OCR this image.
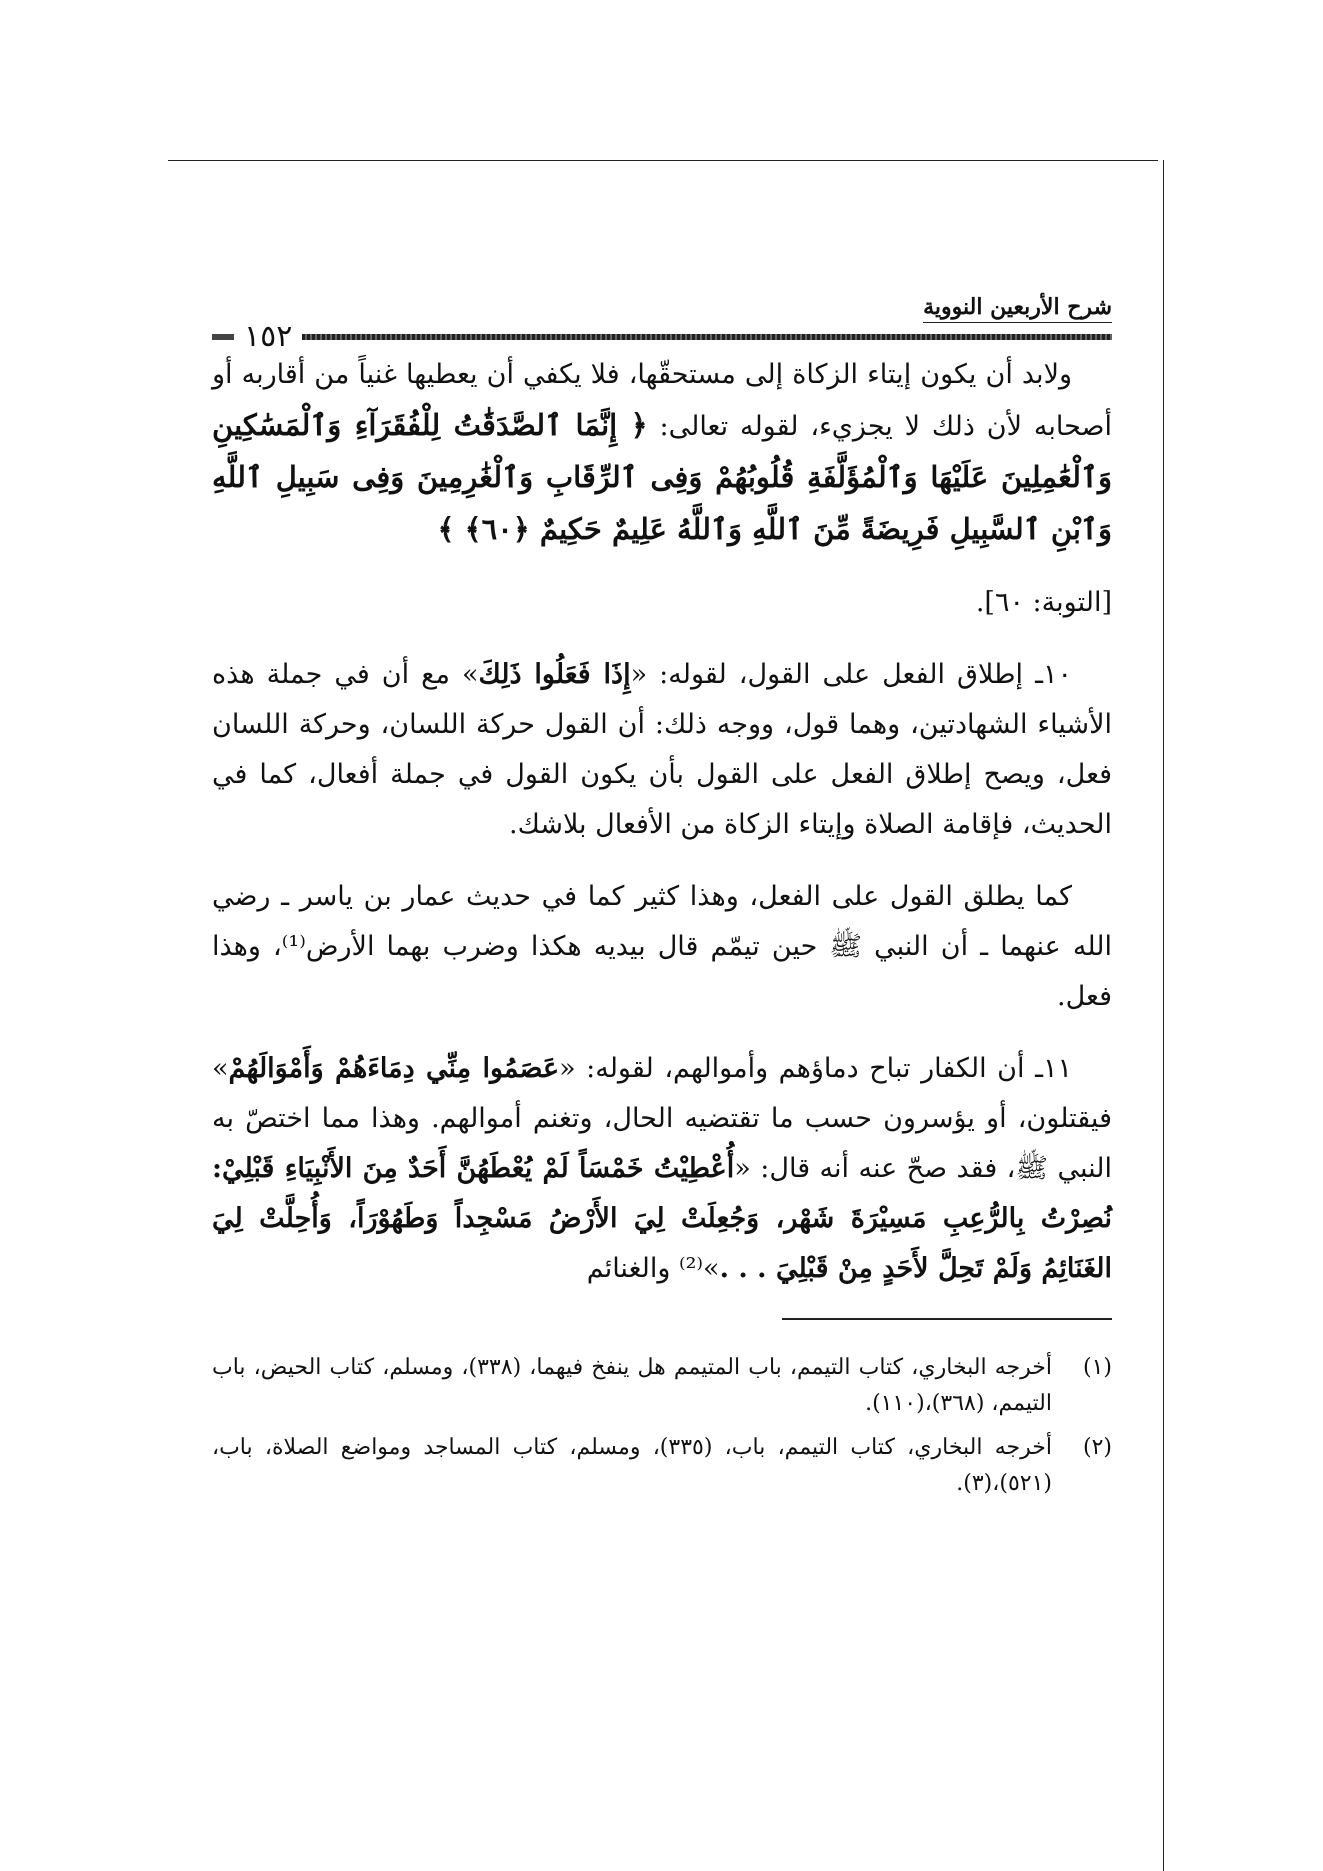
شرح الأربعين النووية
١٥٢

ولابد أن يكون إيتاء الزكاة إلى مستحقّها، فلا يكفي أن يعطيها غنياً من أقاربه أو أصحابه لأن ذلك لا يجزيء، لقوله تعالى: ﴿ إِنَّمَا ٱلصَّدَقَٰتُ لِلْفُقَرَآءِ وَٱلْمَسَٰكِينِ وَٱلْعَٰمِلِينَ عَلَيْهَا وَٱلْمُؤَلَّفَةِ قُلُوبُهُمْ وَفِى ٱلرِّقَابِ وَٱلْغَٰرِمِينَ وَفِى سَبِيلِ ٱللَّهِ وَٱبْنِ ٱلسَّبِيلِ فَرِيضَةً مِّنَ ٱللَّهِ وَٱللَّهُ عَلِيمٌ حَكِيمٌ ﴿٦٠﴾ ﴾

[التوبة: ٦٠].

١٠ـ إطلاق الفعل على القول، لقوله: «إِذَا فَعَلُوا ذَلِكَ» مع أن في جملة هذه الأشياء الشهادتين، وهما قول، ووجه ذلك: أن القول حركة اللسان، وحركة اللسان فعل، ويصح إطلاق الفعل على القول بأن يكون القول في جملة أفعال، كما في الحديث، فإقامة الصلاة وإيتاء الزكاة من الأفعال بلاشك.

كما يطلق القول على الفعل، وهذا كثير كما في حديث عمار بن ياسر ـ رضي الله عنهما ـ أن النبي ﷺ حين تيمّم قال بيديه هكذا وضرب بهما الأرض⁽¹⁾، وهذا فعل.

١١ـ أن الكفار تباح دماؤهم وأموالهم، لقوله: «عَصَمُوا مِنِّي دِمَاءَهُمْ وَأَمْوَالَهُمْ» فيقتلون، أو يؤسرون حسب ما تقتضيه الحال، وتغنم أموالهم. وهذا مما اختصّ به النبي ﷺ، فقد صحّ عنه أنه قال: «أُعْطِيْتُ خَمْسَاً لَمْ يُعْطَهُنَّ أَحَدٌ مِنَ الأَنْبِيَاءِ قَبْلِيْ: نُصِرْتُ بِالرُّعِبِ مَسِيْرَةَ شَهْر، وَجُعِلَتْ لِيَ الأَرْضُ مَسْجِداً وَطَهُوْرَاً، وَأُحِلَّتْ لِيَ الغَنَائِمُ وَلَمْ تَحِلَّ لأَحَدٍ مِنْ قَبْلِيَ . . .»⁽²⁾ والغنائم

(١)
أخرجه البخاري، كتاب التيمم، باب المتيمم هل ينفخ فيهما، (٣٣٨)، ومسلم، كتاب الحيض، باب التيمم، (٣٦٨)،(١١٠).
(٢)
أخرجه البخاري، كتاب التيمم، باب، (٣٣٥)، ومسلم، كتاب المساجد ومواضع الصلاة، باب، (٥٢١)،(٣).
